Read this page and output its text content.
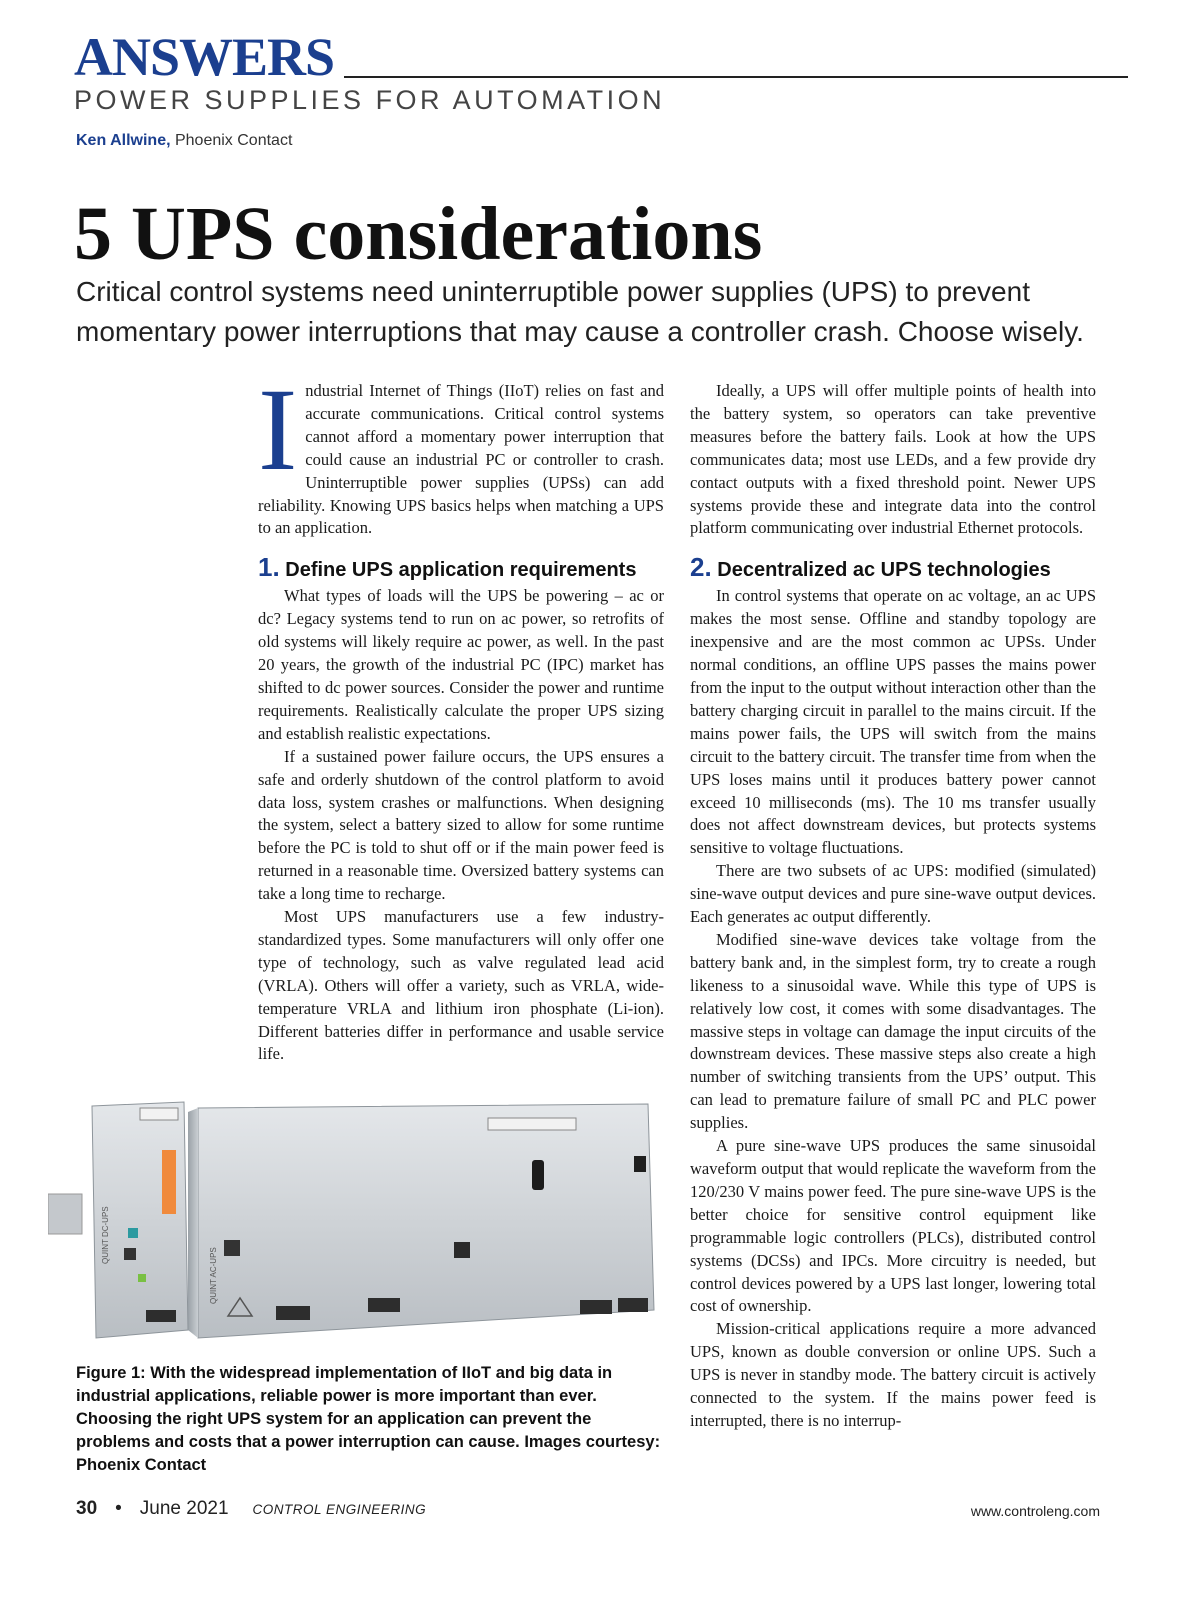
ANSWERS
POWER SUPPLIES FOR AUTOMATION
Ken Allwine, Phoenix Contact
5 UPS considerations

Critical control systems need uninterruptible power supplies (UPS) to prevent momentary power interruptions that may cause a controller crash. Choose wisely.

Industrial Internet of Things (IIoT) relies on fast and accurate communications. Critical control systems cannot afford a momentary power interruption that could cause an industrial PC or controller to crash. Uninterruptible power supplies (UPSs) can add reliability. Knowing UPS basics helps when matching a UPS to an application.

1. Define UPS application requirements

What types of loads will the UPS be powering – ac or dc? Legacy systems tend to run on ac power, so retrofits of old systems will likely require ac power, as well. In the past 20 years, the growth of the industrial PC (IPC) market has shifted to dc power sources. Consider the power and runtime requirements. Realistically calculate the proper UPS sizing and establish realistic expectations.

If a sustained power failure occurs, the UPS ensures a safe and orderly shutdown of the control platform to avoid data loss, system crashes or malfunctions. When designing the system, select a battery sized to allow for some runtime before the PC is told to shut off or if the main power feed is returned in a reasonable time. Oversized battery systems can take a long time to recharge.

Most UPS manufacturers use a few industry-standardized types. Some manufacturers will only offer one type of technology, such as valve regulated lead acid (VRLA). Others will offer a variety, such as VRLA, wide-temperature VRLA and lithium iron phosphate (Li-ion). Different batteries differ in performance and usable service life.

Ideally, a UPS will offer multiple points of health into the battery system, so operators can take preventive measures before the battery fails. Look at how the UPS communicates data; most use LEDs, and a few provide dry contact outputs with a fixed threshold point. Newer UPS systems provide these and integrate data into the control platform communicating over industrial Ethernet protocols.

2. Decentralized ac UPS technologies

In control systems that operate on ac voltage, an ac UPS makes the most sense. Offline and standby topology are inexpensive and are the most common ac UPSs. Under normal conditions, an offline UPS passes the mains power from the input to the output without interaction other than the battery charging circuit in parallel to the mains circuit. If the mains power fails, the UPS will switch from the mains circuit to the battery circuit. The transfer time from when the UPS loses mains until it produces battery power cannot exceed 10 milliseconds (ms). The 10 ms transfer usually does not affect downstream devices, but protects systems sensitive to voltage fluctuations.

There are two subsets of ac UPS: modified (simulated) sine-wave output devices and pure sine-wave output devices. Each generates ac output differently.

Modified sine-wave devices take voltage from the battery bank and, in the simplest form, try to create a rough likeness to a sinusoidal wave. While this type of UPS is relatively low cost, it comes with some disadvantages. The massive steps in voltage can damage the input circuits of the downstream devices. These massive steps also create a high number of switching transients from the UPS’ output. This can lead to premature failure of small PC and PLC power supplies.

A pure sine-wave UPS produces the same sinusoidal waveform output that would replicate the waveform from the 120/230 V mains power feed. The pure sine-wave UPS is the better choice for sensitive control equipment like programmable logic controllers (PLCs), distributed control systems (DCSs) and IPCs. More circuitry is needed, but control devices powered by a UPS last longer, lowering total cost of ownership.

Mission-critical applications require a more advanced UPS, known as double conversion or online UPS. Such a UPS is never in standby mode. The battery circuit is actively connected to the system. If the mains power feed is interrupted, there is no interrup-

QUINT AC-UPS
QUINT DC-UPS

Figure 1: With the widespread implementation of IIoT and big data in industrial applications, reliable power is more important than ever. Choosing the right UPS system for an application can prevent the problems and costs that a power interruption can cause. Images courtesy: Phoenix Contact

30 • June 2021 CONTROL ENGINEERING	www.controleng.com
